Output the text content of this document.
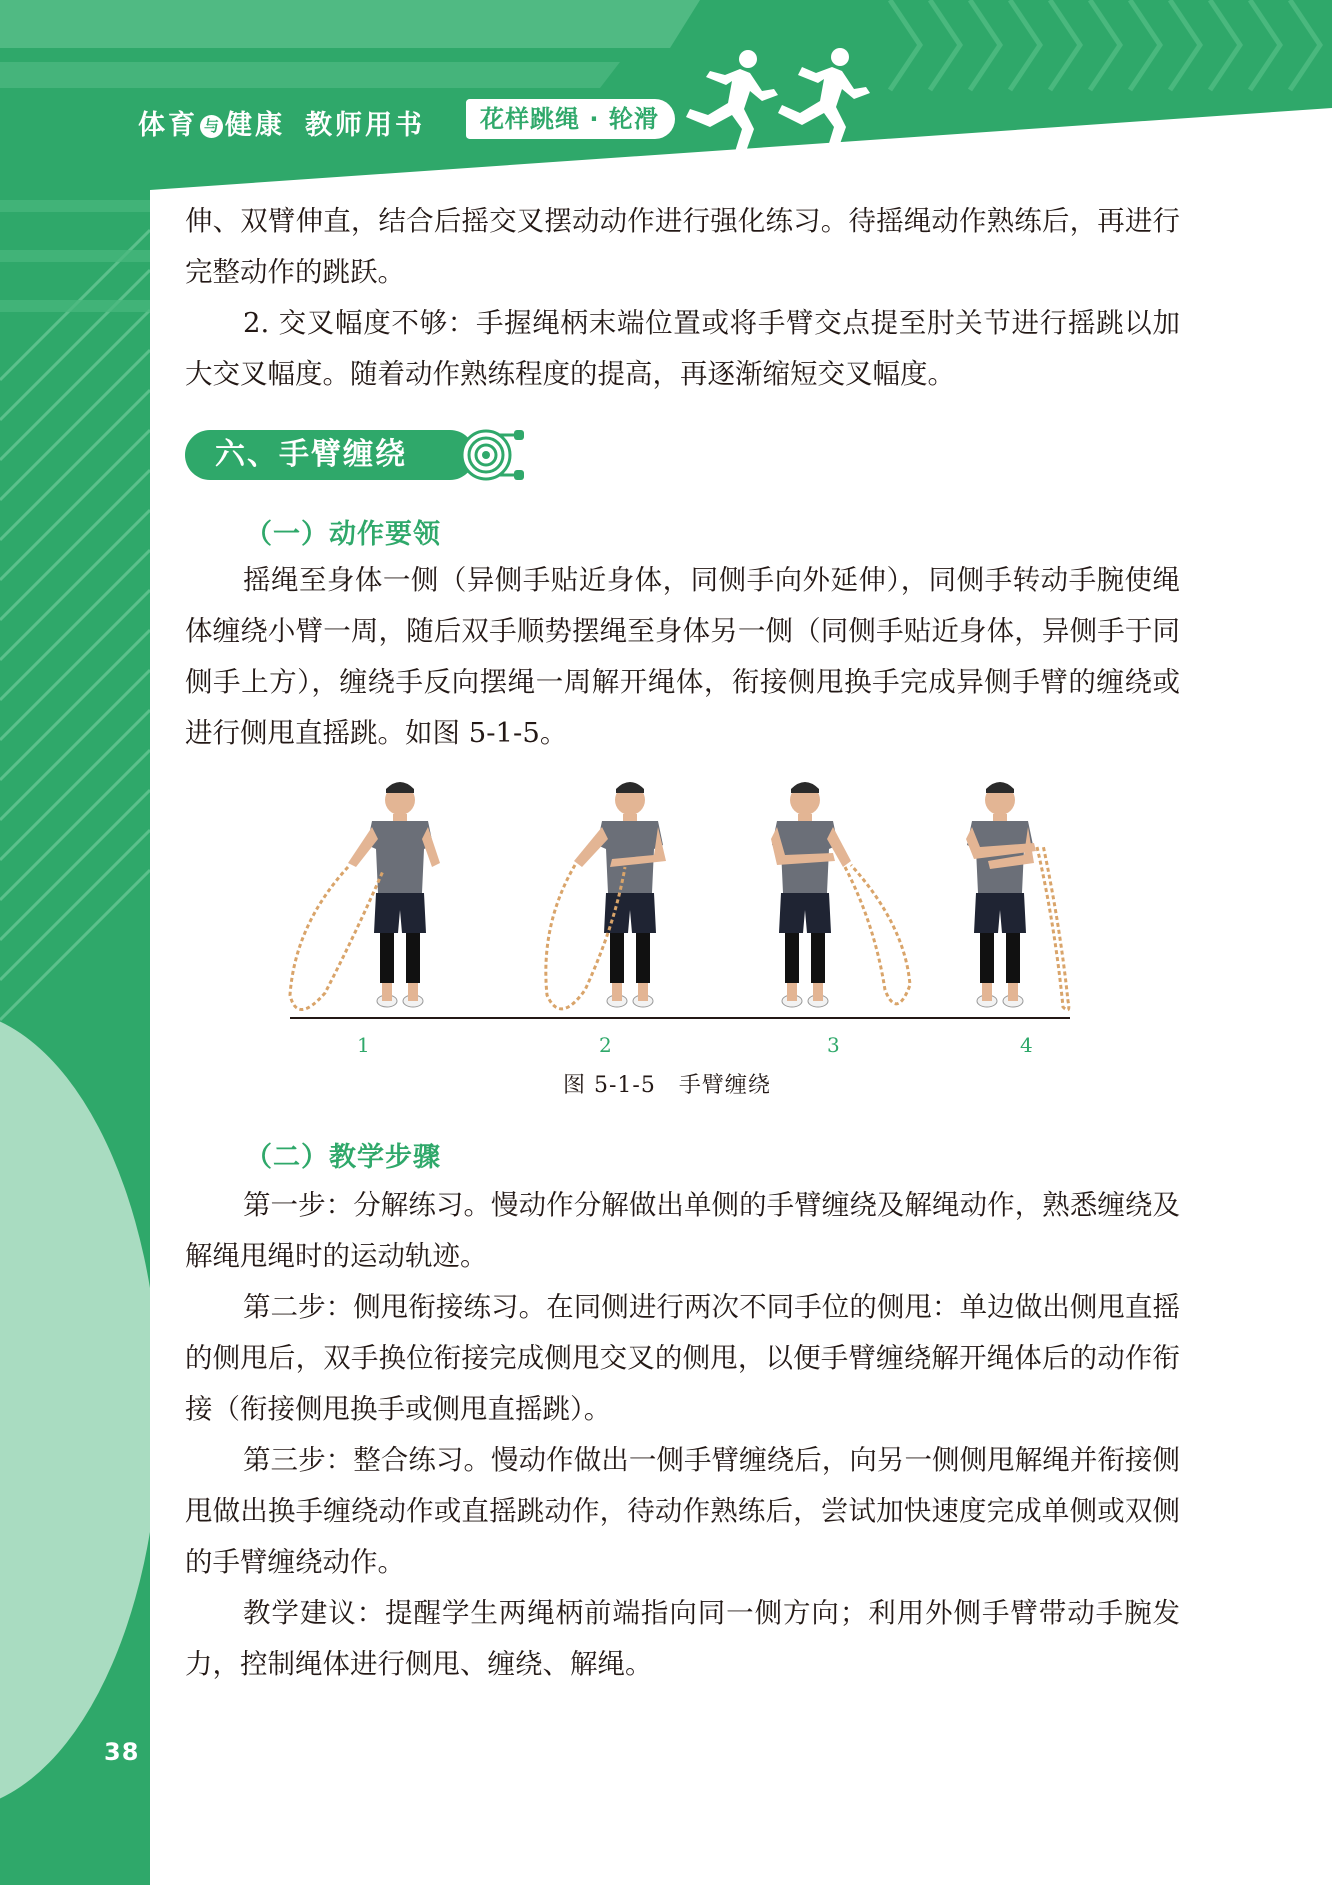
体育 与 健康 教师用书	花样跳绳 · 轮滑

伸、双臂伸直，结合后摇交叉摆动动作进行强化练习。待摇绳动作熟练后，再进行完整动作的跳跃。

2. 交叉幅度不够：手握绳柄末端位置或将手臂交点提至肘关节进行摇跳以加大交叉幅度。随着动作熟练程度的提高，再逐渐缩短交叉幅度。

六、手臂缠绕
（一）动作要领

摇绳至身体一侧（异侧手贴近身体，同侧手向外延伸），同侧手转动手腕使绳体缠绕小臂一周，随后双手顺势摆绳至身体另一侧（同侧手贴近身体，异侧手于同侧手上方），缠绕手反向摆绳一周解开绳体，衔接侧甩换手完成异侧手臂的缠绕或进行侧甩直摇跳。如图 5-1-5。

1	2	3	4
图 5-1-5　手臂缠绕
（二）教学步骤

第一步：分解练习。慢动作分解做出单侧的手臂缠绕及解绳动作，熟悉缠绕及解绳甩绳时的运动轨迹。

第二步：侧甩衔接练习。在同侧进行两次不同手位的侧甩：单边做出侧甩直摇的侧甩后，双手换位衔接完成侧甩交叉的侧甩，以便手臂缠绕解开绳体后的动作衔接（衔接侧甩换手或侧甩直摇跳）。

第三步：整合练习。慢动作做出一侧手臂缠绕后，向另一侧侧甩解绳并衔接侧甩做出换手缠绕动作或直摇跳动作，待动作熟练后，尝试加快速度完成单侧或双侧的手臂缠绕动作。

教学建议：提醒学生两绳柄前端指向同一侧方向；利用外侧手臂带动手腕发力，控制绳体进行侧甩、缠绕、解绳。

38
